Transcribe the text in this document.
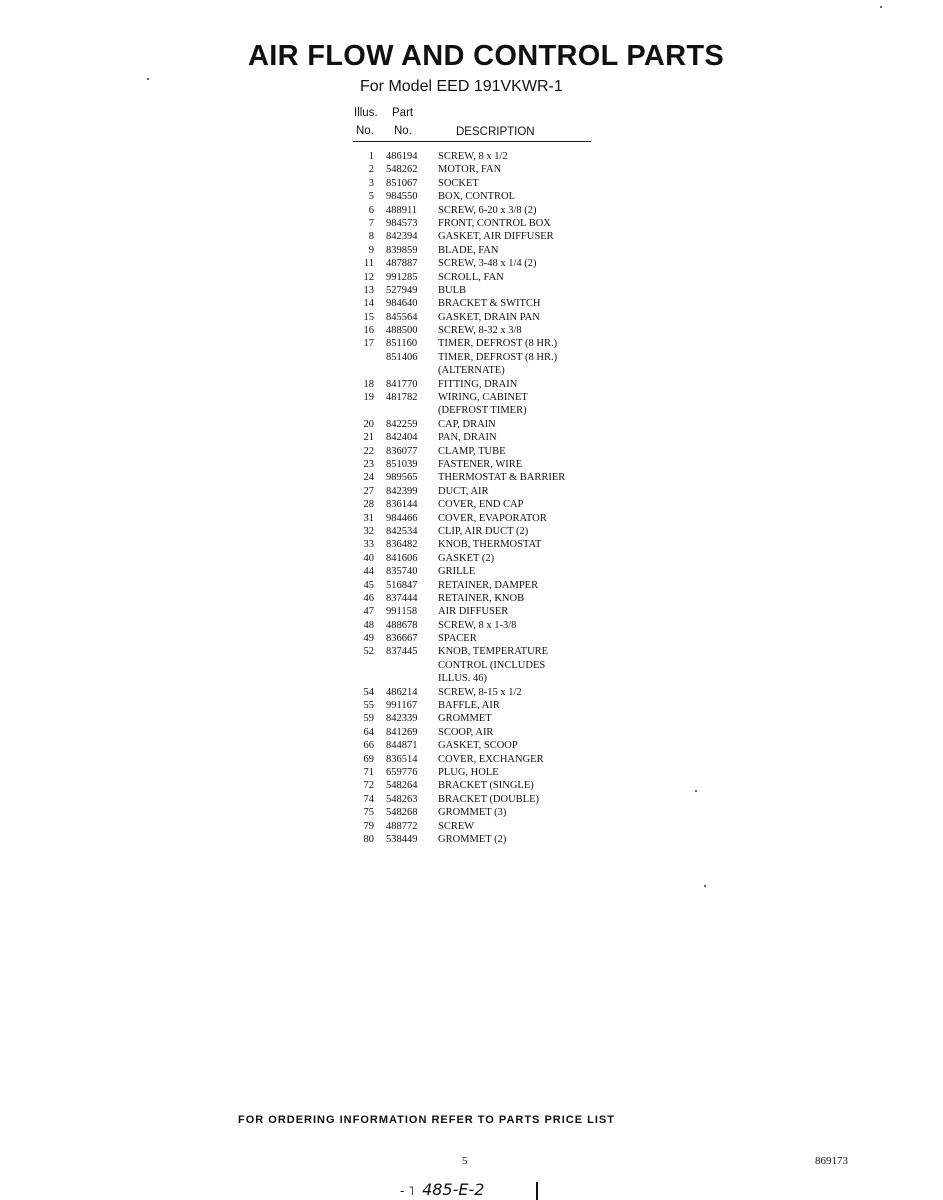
AIR FLOW AND CONTROL PARTS
For Model EED 191VKWR-1
Illus. Part
No. No.	DESCRIPTION
1 486194 SCREW, 8 x 1/2
2 548262 MOTOR, FAN
3 851067 SOCKET
5 984550 BOX, CONTROL
6 488911 SCREW, 6-20 x 3/8 (2)
7 984573 FRONT, CONTROL BOX
8 842394 GASKET, AIR DIFFUSER
9 839859 BLADE, FAN
11 487887 SCREW, 3-48 x 1/4 (2)
12 991285 SCROLL, FAN
13 527949 BULB
14 984640 BRACKET & SWITCH
15 845564 GASKET, DRAIN PAN
16 488500 SCREW, 8-32 x 3/8
17 851160 TIMER, DEFROST (8 HR.)
851406 TIMER, DEFROST (8 HR.)
(ALTERNATE)
18 841770 FITTING, DRAIN
19 481782 WIRING, CABINET
(DEFROST TIMER)
20 842259 CAP, DRAIN
21 842404 PAN, DRAIN
22 836077 CLAMP, TUBE
23 851039 FASTENER, WIRE
24 989565 THERMOSTAT & BARRIER
27 842399 DUCT, AIR
28 836144 COVER, END CAP
31 984466 COVER, EVAPORATOR
32 842534 CLIP, AIR DUCT (2)
33 836482 KNOB, THERMOSTAT
40 841606 GASKET (2)
44 835740 GRILLE
45 516847 RETAINER, DAMPER
46 837444 RETAINER, KNOB
47 991158 AIR DIFFUSER
48 488678 SCREW, 8 x 1-3/8
49 836667 SPACER
52 837445 KNOB, TEMPERATURE
CONTROL (INCLUDES
ILLUS. 46)
54 486214 SCREW, 8-15 x 1/2
55 991167 BAFFLE, AIR
59 842339 GROMMET
64 841269 SCOOP, AIR
66 844871 GASKET, SCOOP
69 836514 COVER, EXCHANGER
71 659776 PLUG, HOLE
72 548264 BRACKET (SINGLE)
74 548263 BRACKET (DOUBLE)
75 548268 GROMMET (3)
79 488772 SCREW
80 538449 GROMMET (2)
FOR ORDERING INFORMATION REFER TO PARTS PRICE LIST
5	869173
- ˥ 485-E-2
